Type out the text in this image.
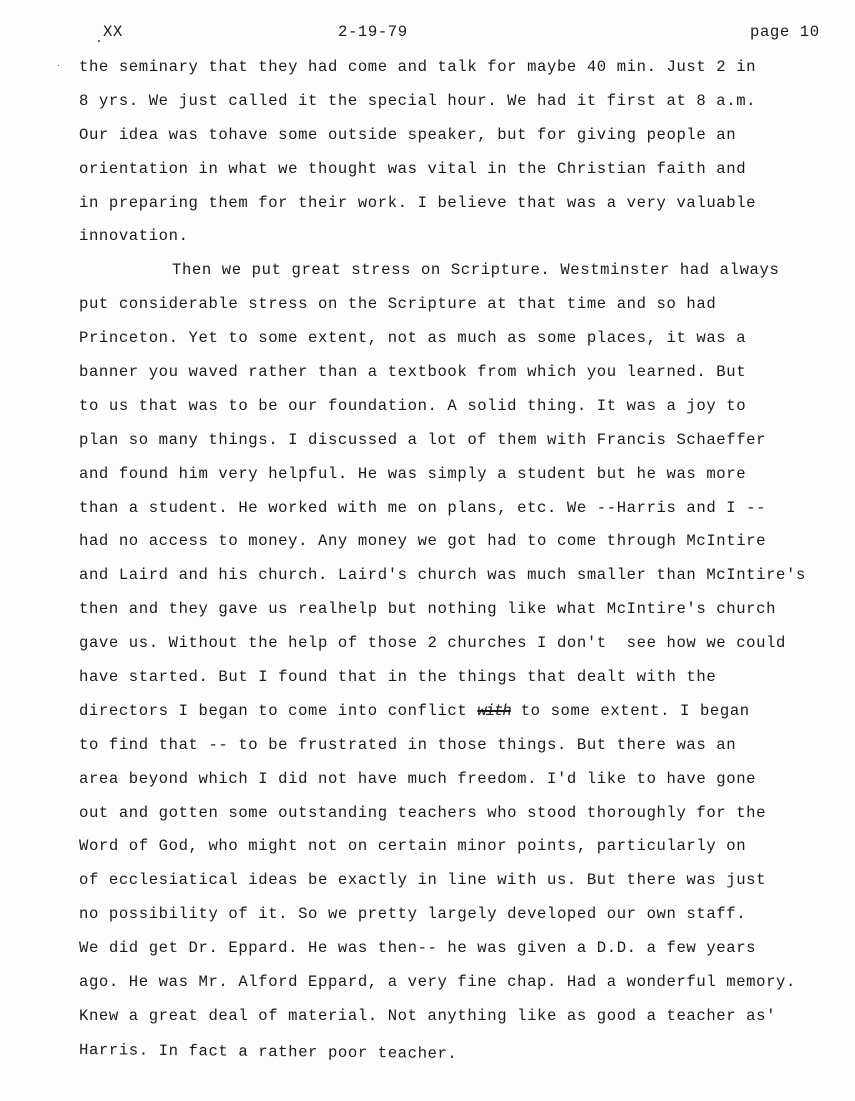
XX	2-19-79	page 10
the seminary that they had come and talk for maybe 40 min. Just 2 in
8 yrs. We just called it the special hour. We had it first at 8 a.m.
Our idea was tohave some outside speaker, but for giving people an
orientation in what we thought was vital in the Christian faith and
in preparing them for their work. I believe that was a very valuable
innovation.
Then we put great stress on Scripture. Westminster had always
put considerable stress on the Scripture at that time and so had
Princeton. Yet to some extent, not as much as some places, it was a
banner you waved rather than a textbook from which you learned. But
to us that was to be our foundation. A solid thing. It was a joy to
plan so many things. I discussed a lot of them with Francis Schaeffer
and found him very helpful. He was simply a student but he was more
than a student. He worked with me on plans, etc. We --Harris and I --
had no access to money. Any money we got had to come through McIntire
and Laird and his church. Laird's church was much smaller than McIntire's
then and they gave us realhelp but nothing like what McIntire's church
gave us. Without the help of those 2 churches I don't  see how we could
have started. But I found that in the things that dealt with the
directors I began to come into conflict with to some extent. I began
to find that -- to be frustrated in those things. But there was an
area beyond which I did not have much freedom. I'd like to have gone
out and gotten some outstanding teachers who stood thoroughly for the
Word of God, who might not on certain minor points, particularly on
of ecclesiatical ideas be exactly in line with us. But there was just
no possibility of it. So we pretty largely developed our own staff.
We did get Dr. Eppard. He was then-- he was given a D.D. a few years
ago. He was Mr. Alford Eppard, a very fine chap. Had a wonderful memory.
Knew a great deal of material. Not anything like as good a teacher as'
Harris. In fact a rather poor teacher.
